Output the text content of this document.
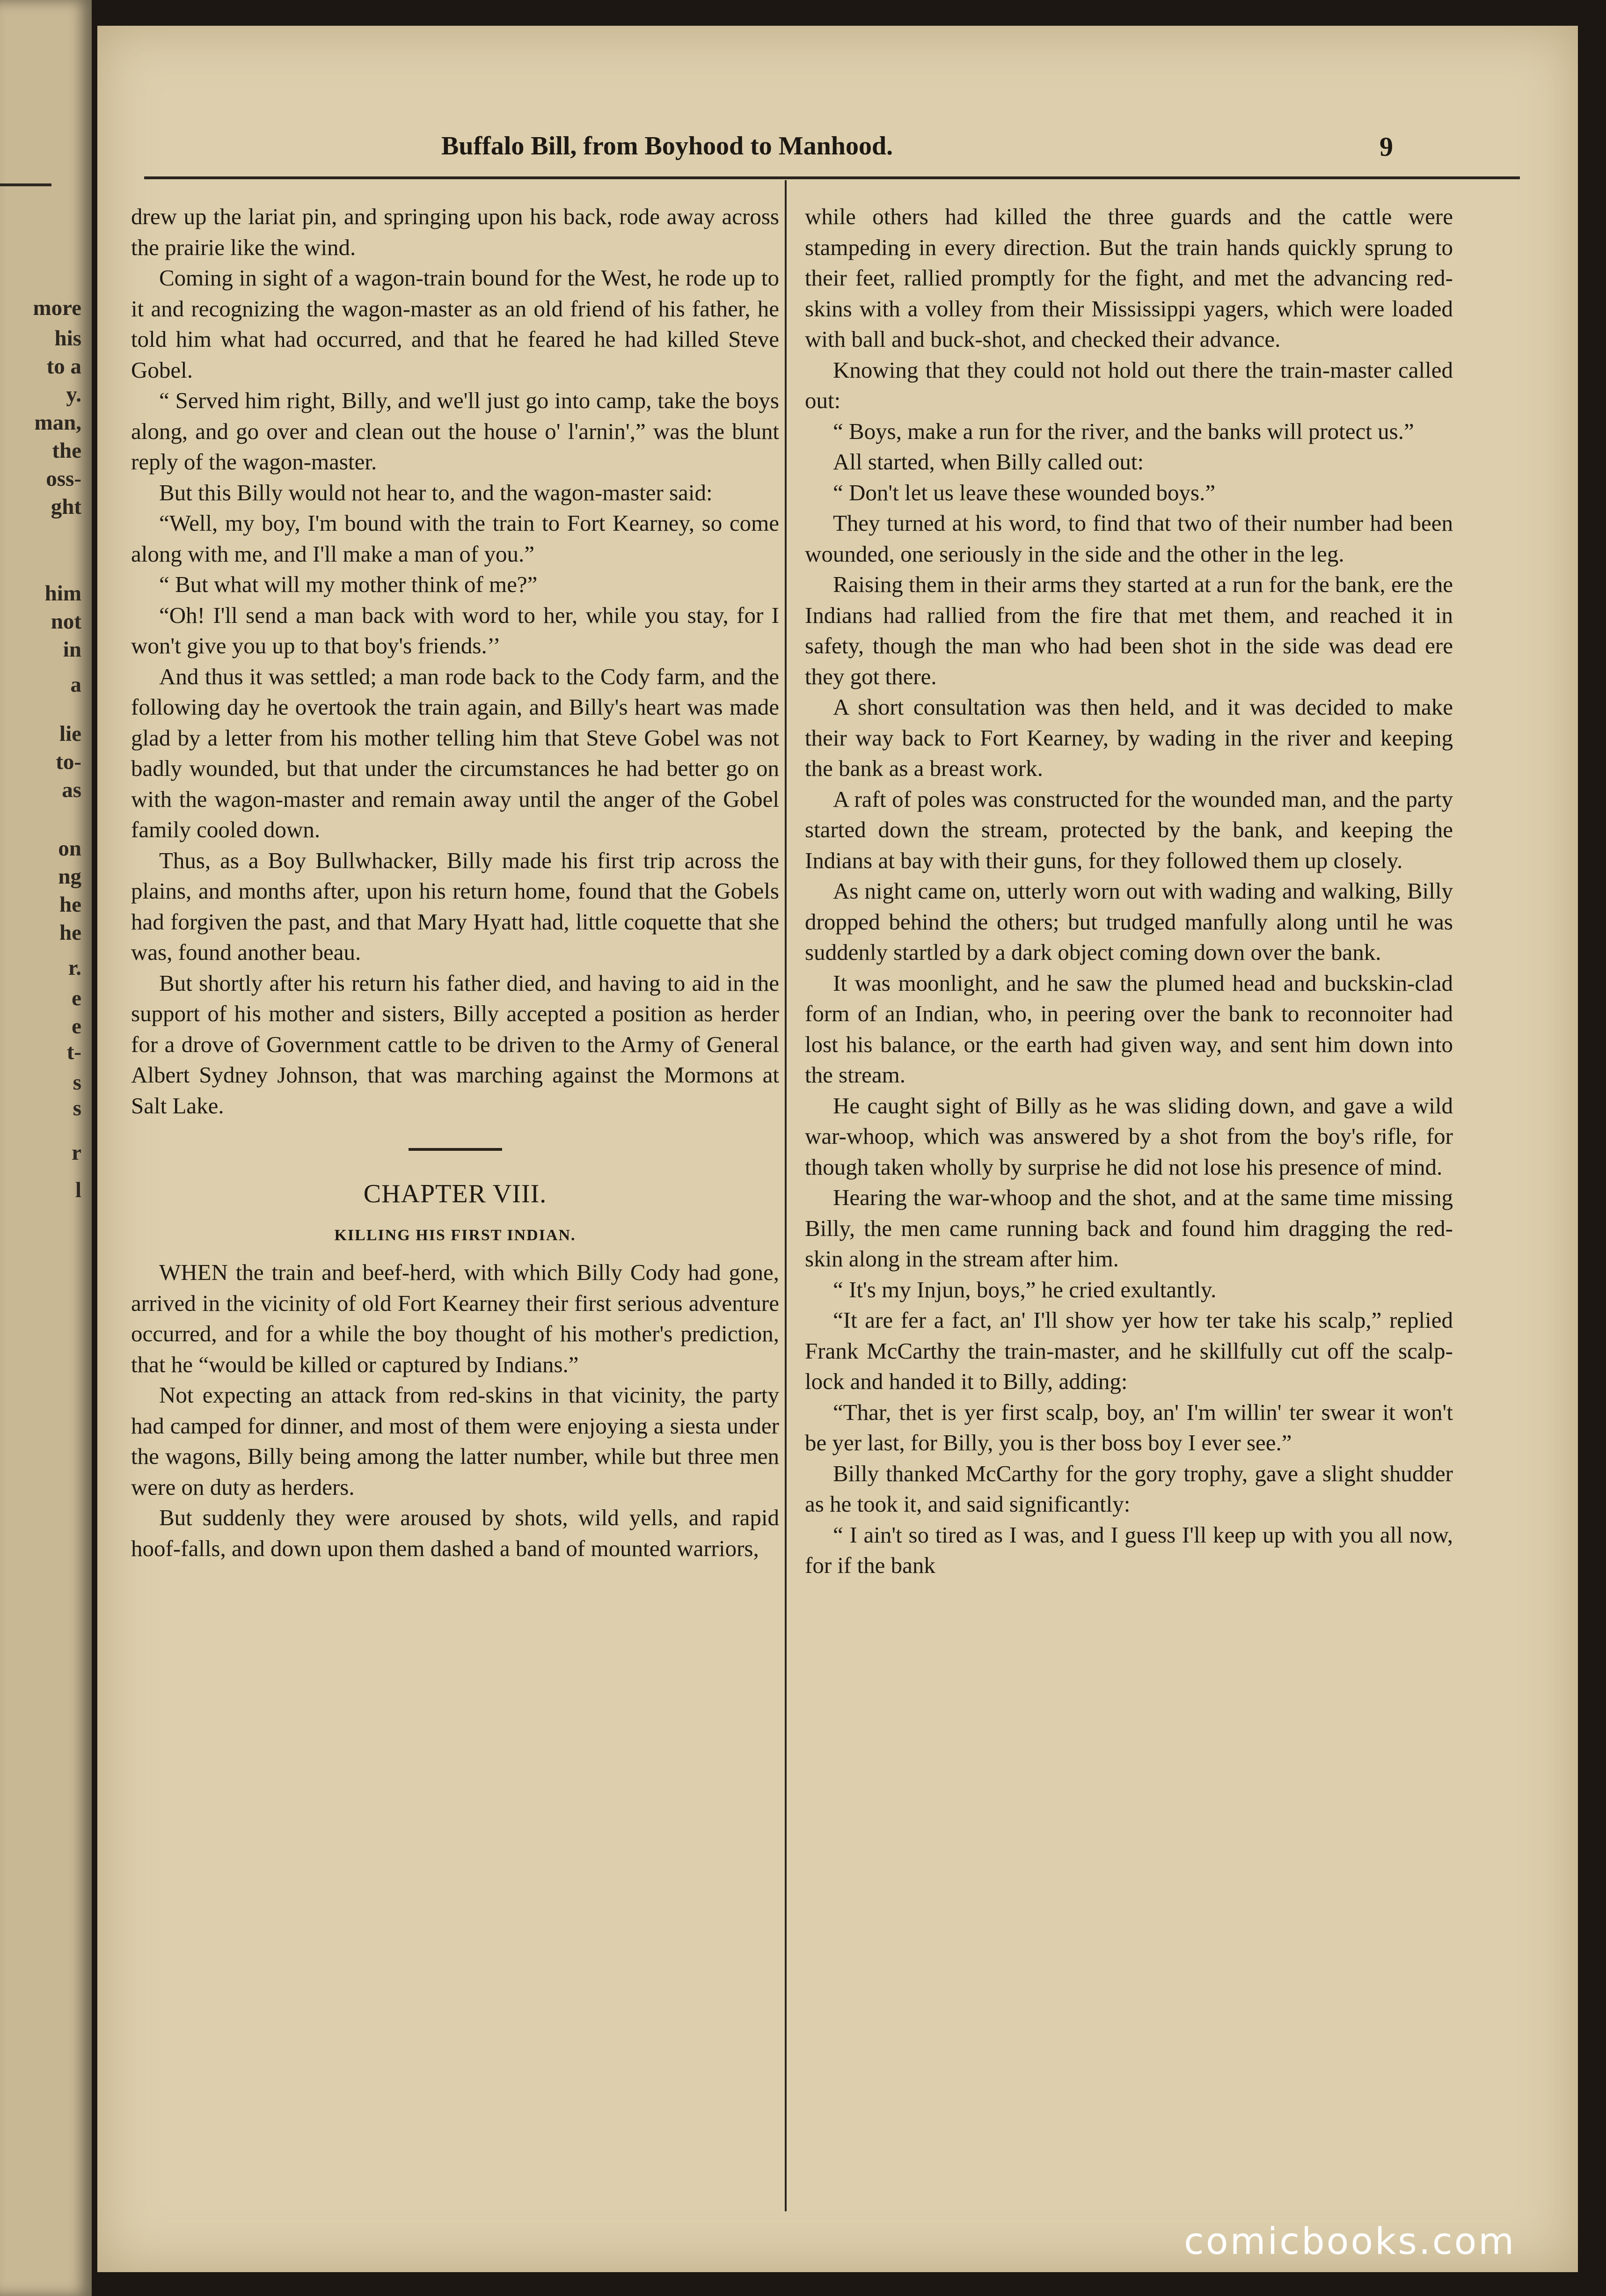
more
his
to a
y.
man,
the
oss-
ght
him
not
in
a
lie
to-
as
on
ng
he
he
r.
e
e
t-
s
s
r
l
Buffalo Bill, from Boyhood to Manhood.	9

drew up the lariat pin, and springing upon his back, rode away across the prairie like the wind.

Coming in sight of a wagon-train bound for the West, he rode up to it and recognizing the wagon-master as an old friend of his father, he told him what had occurred, and that he feared he had killed Steve Gobel.

“ Served him right, Billy, and we'll just go into camp, take the boys along, and go over and clean out the house o' l'arnin',” was the blunt reply of the wagon-master.

But this Billy would not hear to, and the wagon-master said:

“Well, my boy, I'm bound with the train to Fort Kearney, so come along with me, and I'll make a man of you.”

“ But what will my mother think of me?”

“Oh! I'll send a man back with word to her, while you stay, for I won't give you up to that boy's friends.’’

And thus it was settled; a man rode back to the Cody farm, and the following day he overtook the train again, and Billy's heart was made glad by a letter from his mother telling him that Steve Gobel was not badly wounded, but that under the circumstances he had better go on with the wagon-master and remain away until the anger of the Gobel family cooled down.

Thus, as a Boy Bullwhacker, Billy made his first trip across the plains, and months after, upon his return home, found that the Gobels had forgiven the past, and that Mary Hyatt had, little coquette that she was, found another beau.

But shortly after his return his father died, and having to aid in the support of his mother and sisters, Billy accepted a position as herder for a drove of Government cattle to be driven to the Army of General Albert Sydney Johnson, that was marching against the Mormons at Salt Lake.

CHAPTER VIII.
KILLING HIS FIRST INDIAN.

WHEN the train and beef-herd, with which Billy Cody had gone, arrived in the vicinity of old Fort Kearney their first serious adventure occurred, and for a while the boy thought of his mother's prediction, that he “would be killed or captured by Indians.”

Not expecting an attack from red-skins in that vicinity, the party had camped for dinner, and most of them were enjoying a siesta under the wagons, Billy being among the latter number, while but three men were on duty as herders.

But suddenly they were aroused by shots, wild yells, and rapid hoof-falls, and down upon them dashed a band of mounted warriors,

while others had killed the three guards and the cattle were stampeding in every direction. But the train hands quickly sprung to their feet, rallied promptly for the fight, and met the advancing red-skins with a volley from their Mississippi yagers, which were loaded with ball and buck-shot, and checked their advance.

Knowing that they could not hold out there the train-master called out:

“ Boys, make a run for the river, and the banks will protect us.”

All started, when Billy called out:

“ Don't let us leave these wounded boys.”

They turned at his word, to find that two of their number had been wounded, one seriously in the side and the other in the leg.

Raising them in their arms they started at a run for the bank, ere the Indians had rallied from the fire that met them, and reached it in safety, though the man who had been shot in the side was dead ere they got there.

A short consultation was then held, and it was decided to make their way back to Fort Kearney, by wading in the river and keeping the bank as a breast work.

A raft of poles was constructed for the wounded man, and the party started down the stream, protected by the bank, and keeping the Indians at bay with their guns, for they followed them up closely.

As night came on, utterly worn out with wading and walking, Billy dropped behind the others; but trudged manfully along until he was suddenly startled by a dark object coming down over the bank.

It was moonlight, and he saw the plumed head and buckskin-clad form of an Indian, who, in peering over the bank to reconnoiter had lost his balance, or the earth had given way, and sent him down into the stream.

He caught sight of Billy as he was sliding down, and gave a wild war-whoop, which was answered by a shot from the boy's rifle, for though taken wholly by surprise he did not lose his presence of mind.

Hearing the war-whoop and the shot, and at the same time missing Billy, the men came running back and found him dragging the red-skin along in the stream after him.

“ It's my Injun, boys,” he cried exultantly.

“It are fer a fact, an' I'll show yer how ter take his scalp,” replied Frank McCarthy the train-master, and he skillfully cut off the scalp-lock and handed it to Billy, adding:

“Thar, thet is yer first scalp, boy, an' I'm willin' ter swear it won't be yer last, for Billy, you is ther boss boy I ever see.”

Billy thanked McCarthy for the gory trophy, gave a slight shudder as he took it, and said significantly:

“ I ain't so tired as I was, and I guess I'll keep up with you all now, for if the bank

comicbooks.com
